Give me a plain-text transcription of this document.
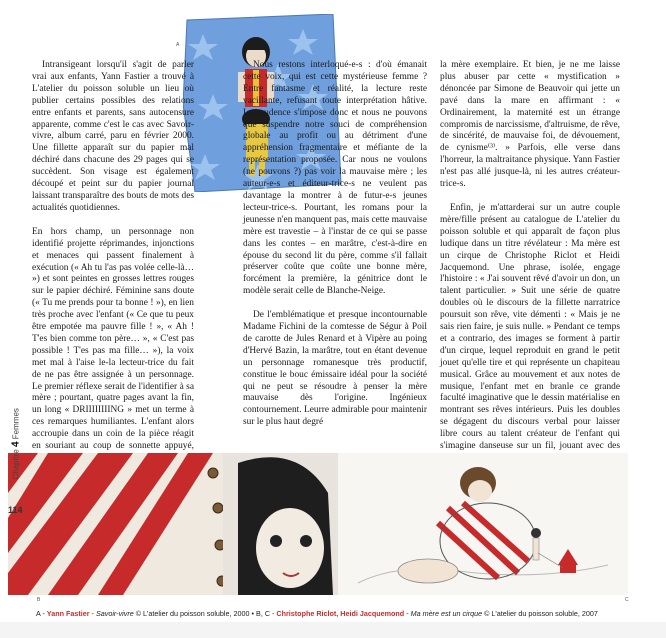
A

Intransigeant lorsqu'il s'agit de parler vrai aux enfants, Yann Fastier a trouvé à L'atelier du poisson soluble un lieu où publier certains possibles des relations entre enfants et parents, sans autocensure apparente, comme c'est le cas avec Savoir-vivre, album carré, paru en février 2000. Une fillette apparaît sur du papier mal déchiré dans chacune des 29 pages qui se succèdent. Son visage est également découpé et peint sur du papier journal laissant transparaître des bouts de mots des actualités quotidiennes.

En hors champ, un personnage non identifié projette réprimandes, injonctions et menaces qui passent finalement à exécution (« Ah tu l'as pas volée celle-là… ») et sont peintes en grosses lettres rouges sur le papier déchiré. Féminine sans doute (« Tu me prends pour ta bonne ! »), en lien très proche avec l'enfant (« Ce que tu peux être empotée ma pauvre fille ! », « Ah ! T'es bien comme ton père… », « C'est pas possible ! T'es pas ma fille… »), la voix met mal à l'aise le-la lecteur-trice du fait de ne pas être assignée à un personnage. Le premier réflexe serait de l'identifier à sa mère ; pourtant, quatre pages avant la fin, un long « DRIIIIIIIING » met un terme à ces remarques humiliantes. L'enfant alors accroupie dans un coin de la pièce réagit en souriant au coup de sonnette appuyé,

Nous restons interloqué-e-s : d'où émanait cette voix, qui est cette mystérieuse femme ? Entre fantasme et réalité, la lecture reste vacillante, refusant toute interprétation hâtive. La prudence s'impose donc et nous ne pouvons que suspendre notre souci de compréhension globale au profit ou au détriment d'une appréhension fragmentaire et méfiante de la représentation proposée. Car nous ne voulons (ne pouvons ?) pas voir la mauvaise mère ; les auteur-e-s et éditeur-trice-s ne veulent pas davantage la montrer à de futur-e-s jeunes lecteur-trice-s. Pourtant, les romans pour la jeunesse n'en manquent pas, mais cette mauvaise mère est travestie – à l'instar de ce qui se passe dans les contes – en marâtre, c'est-à-dire en épouse du second lit du père, comme s'il fallait préserver coûte que coûte une bonne mère, forcément la première, la génitrice dont le modèle serait celle de Blanche-Neige.

De l'emblématique et presque incontournable Madame Fichini de la comtesse de Ségur à Poil de carotte de Jules Renard et à Vipère au poing d'Hervé Bazin, la marâtre, tout en étant devenue un personnage romanesque très productif, constitue le bouc émissaire idéal pour la société qui ne peut se résoudre à penser la mère mauvaise dès l'origine. Ingénieux contournement. Leurre admirable pour maintenir sur le plus haut degré

la mère exemplaire. Et bien, je ne me laisse plus abuser par cette « mystification » dénoncée par Simone de Beauvoir qui jette un pavé dans la mare en affirmant : « Ordinairement, la maternité est un étrange compromis de narcissisme, d'altruisme, de rêve, de sincérité, de mauvaise foi, de dévouement, de cynisme⁽³⁾. » Parfois, elle verse dans l'horreur, la maltraitance physique. Yann Fastier n'est pas allé jusque-là, ni les autres créateur-trice-s.

Enfin, je m'attarderai sur un autre couple mère/fille présent au catalogue de L'atelier du poisson soluble et qui apparaît de façon plus ludique dans un titre révélateur : Ma mère est un cirque de Christophe Riclot et Heidi Jacquemond. Une phrase, isolée, engage l'histoire : « J'ai souvent rêvé d'avoir un don, un talent particulier. » Suit une série de quatre doubles où le discours de la fillette narratrice poursuit son rêve, vite démenti : « Mais je ne sais rien faire, je suis nulle. » Pendant ce temps et a contrario, des images se forment à partir d'un cirque, lequel reproduit en grand le petit jouet qu'elle tire et qui représente un chapiteau musical. Grâce au mouvement et aux notes de musique, l'enfant met en branle ce grande faculté imaginative que le dessin matérialise en montrant ses rêves intérieurs. Puis les doubles se dégagent du discours verbal pour laisser libre cours au talent créateur de l'enfant qui s'imagine danseuse sur un fil, jouant avec des

B	C
Chapitre 4 Femmes
114
A - Yann Fastier - Savoir-vivre © L'atelier du poisson soluble, 2000 • B, C - Christophe Riclot, Heidi Jacquemond - Ma mère est un cirque © L'atelier du poisson soluble, 2007
